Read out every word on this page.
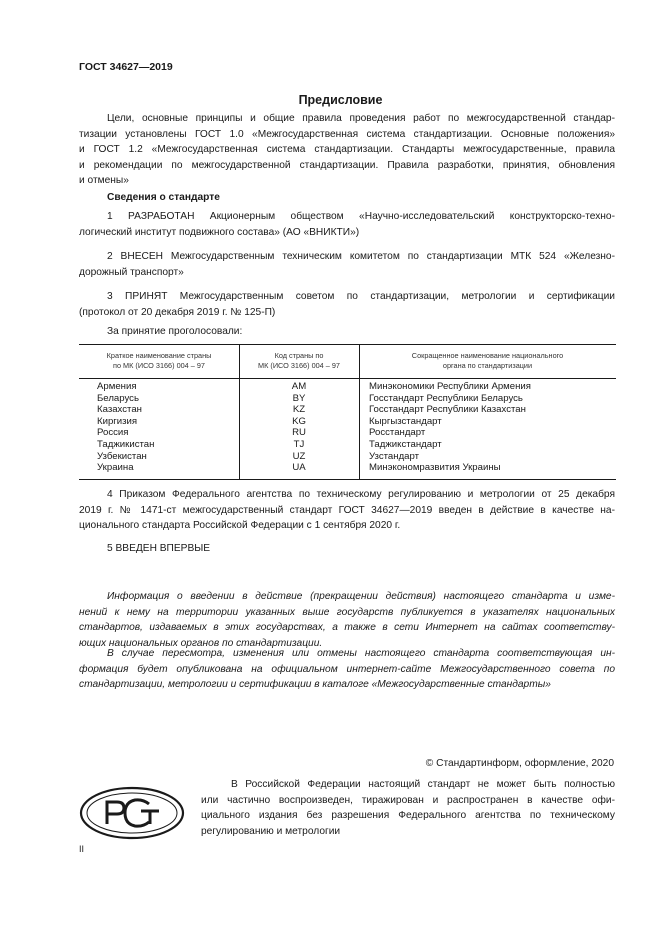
ГОСТ 34627—2019
Предисловие
Цели, основные принципы и общие правила проведения работ по межгосударственной стандар-
тизации установлены ГОСТ 1.0 «Межгосударственная система стандартизации. Основные положения»
и ГОСТ 1.2 «Межгосударственная система стандартизации. Стандарты межгосударственные, правила
и рекомендации по межгосударственной стандартизации. Правила разработки, принятия, обновления
и отмены»
Сведения о стандарте
1 РАЗРАБОТАН Акционерным обществом «Научно-исследовательский конструкторско-техно-
логический институт подвижного состава» (АО «ВНИКТИ»)
2 ВНЕСЕН Межгосударственным техническим комитетом по стандартизации МТК 524 «Железно-
дорожный транспорт»
3 ПРИНЯТ Межгосударственным советом по стандартизации, метрологии и сертификации
(протокол от 20 декабря 2019 г. № 125-П)
За принятие проголосовали:
Краткое наименование страны
по МК (ИСО 3166) 004 – 97
Код страны по
МК (ИСО 3166) 004 – 97
Сокращенное наименование национального
органа по стандартизации
Армения
Беларусь
Казахстан
Киргизия
Россия
Таджикистан
Узбекистан
Украина
AM
BY
KZ
KG
RU
TJ
UZ
UA
Минэкономики Республики Армения
Госстандарт Республики Беларусь
Госстандарт Республики Казахстан
Кыргызстандарт
Росстандарт
Таджикстандарт
Узстандарт
Минэкономразвития Украины
4 Приказом Федерального агентства по техническому регулированию и метрологии от 25 декабря
2019 г. № 1471-ст межгосударственный стандарт ГОСТ 34627—2019 введен в действие в качестве на-
ционального стандарта Российской Федерации с 1 сентября 2020 г.
5 ВВЕДЕН ВПЕРВЫЕ
Информация о введении в действие (прекращении действия) настоящего стандарта и изме-
нений к нему на территории указанных выше государств публикуется в указателях национальных
стандартов, издаваемых в этих государствах, а также в сети Интернет на сайтах соответству-
ющих национальных органов по стандартизации.
В случае пересмотра, изменения или отмены настоящего стандарта соответствующая ин-
формация будет опубликована на официальном интернет-сайте Межгосударственного совета по
стандартизации, метрологии и сертификации в каталоге «Межгосударственные стандарты»
© Стандартинформ, оформление, 2020
В Российской Федерации настоящий стандарт не может быть полностью
или частично воспроизведен, тиражирован и распространен в качестве офи-
циального издания без разрешения Федерального агентства по техническому
регулированию и метрологии
II
